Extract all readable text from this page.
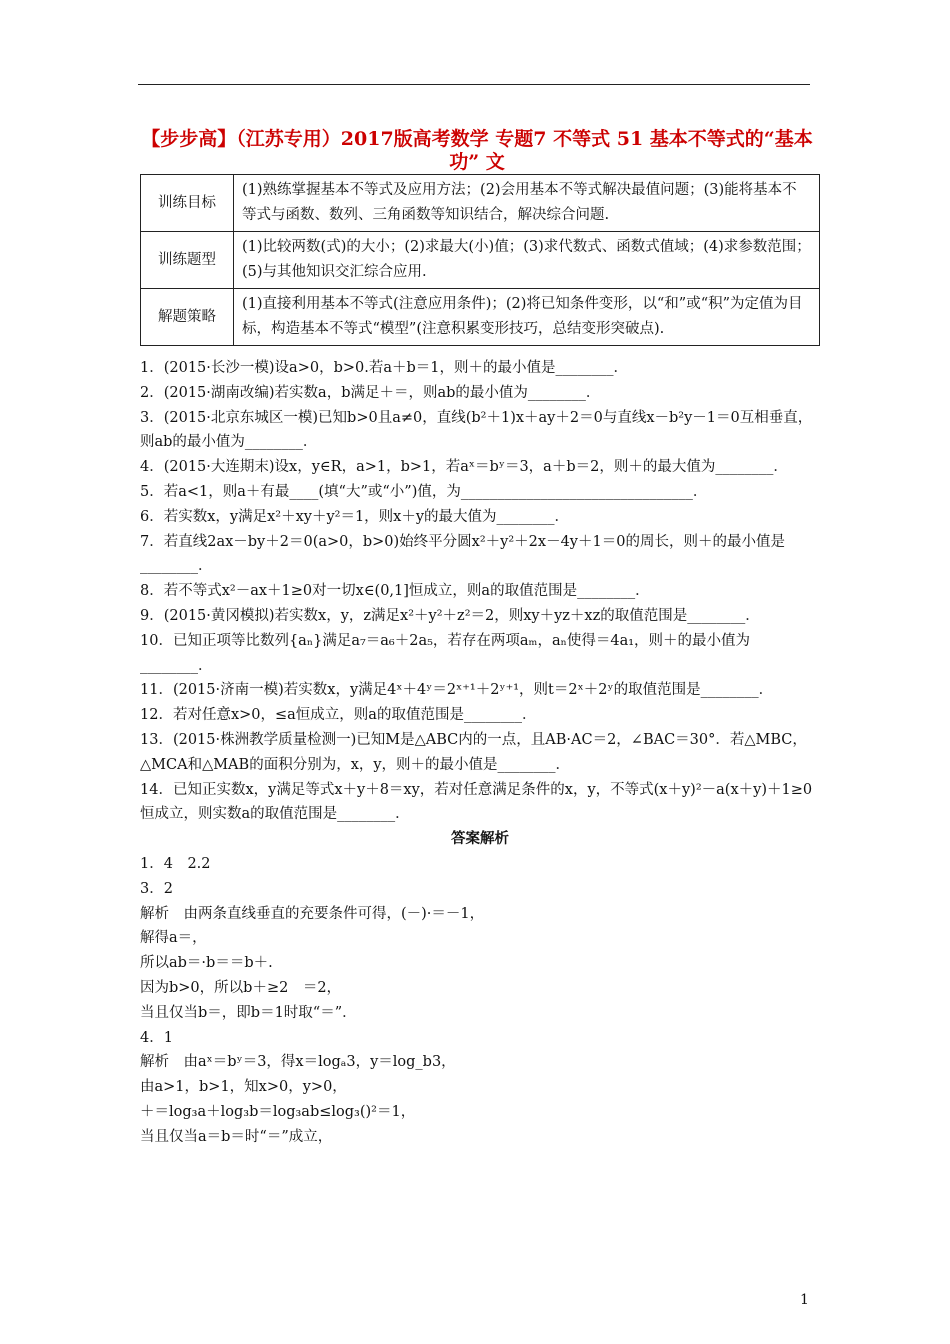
【步步高】（江苏专用）2017版高考数学 专题7 不等式 51 基本不等式的“基本功” 文
训练目标	(1)熟练掌握基本不等式及应用方法；(2)会用基本不等式解决最值问题；(3)能将基本不等式与函数、数列、三角函数等知识结合，解决综合问题.
训练题型	(1)比较两数(式)的大小；(2)求最大(小)值；(3)求代数式、函数式值域；(4)求参数范围；(5)与其他知识交汇综合应用.
解题策略	(1)直接利用基本不等式(注意应用条件)；(2)将已知条件变形，以“和”或“积”为定值为目标，构造基本不等式“模型”(注意积累变形技巧，总结变形突破点).

1．(2015·长沙一模)设a>0，b>0.若a＋b＝1，则＋的最小值是________．

2．(2015·湖南改编)若实数a，b满足＋＝，则ab的最小值为________．

3．(2015·北京东城区一模)已知b>0且a≠0，直线(b²＋1)x＋ay＋2＝0与直线x－b²y－1＝0互相垂直，则ab的最小值为________．

4．(2015·大连期末)设x，y∈R，a>1，b>1，若aˣ＝bʸ＝3，a＋b＝2，则＋的最大值为________．

5．若a<1，则a＋有最____(填“大”或“小”)值，为________________________________．

6．若实数x，y满足x²＋xy＋y²＝1，则x＋y的最大值为________．

7．若直线2ax－by＋2＝0(a>0，b>0)始终平分圆x²＋y²＋2x－4y＋1＝0的周长，则＋的最小值是________．

8．若不等式x²－ax＋1≥0对一切x∈(0,1]恒成立，则a的取值范围是________．

9．(2015·黄冈模拟)若实数x，y，z满足x²＋y²＋z²＝2，则xy＋yz＋xz的取值范围是________．

10．已知正项等比数列{aₙ}满足a₇＝a₆＋2a₅，若存在两项aₘ，aₙ使得＝4a₁，则＋的最小值为________．

11．(2015·济南一模)若实数x，y满足4ˣ＋4ʸ＝2ˣ⁺¹＋2ʸ⁺¹，则t＝2ˣ＋2ʸ的取值范围是________．

12．若对任意x>0，≤a恒成立，则a的取值范围是________．

13．(2015·株洲教学质量检测一)已知M是△ABC内的一点，且AB·AC＝2，∠BAC＝30°．若△MBC，△MCA和△MAB的面积分别为，x，y，则＋的最小值是________．

14．已知正实数x，y满足等式x＋y＋8＝xy，若对任意满足条件的x，y，不等式(x＋y)²－a(x＋y)＋1≥0恒成立，则实数a的取值范围是________．

答案解析

1．4　2.2

3．2

解析　由两条直线垂直的充要条件可得，(－)·＝－1，

解得a＝，

所以ab＝·b＝＝b＋.

因为b>0，所以b＋≥2　＝2，

当且仅当b＝，即b＝1时取“＝”．

4．1

解析　由aˣ＝bʸ＝3，得x＝logₐ3，y＝log_b3，

由a>1，b>1，知x>0，y>0，

＋＝log₃a＋log₃b＝log₃ab≤log₃()²＝1，

当且仅当a＝b＝时“＝”成立，

1
